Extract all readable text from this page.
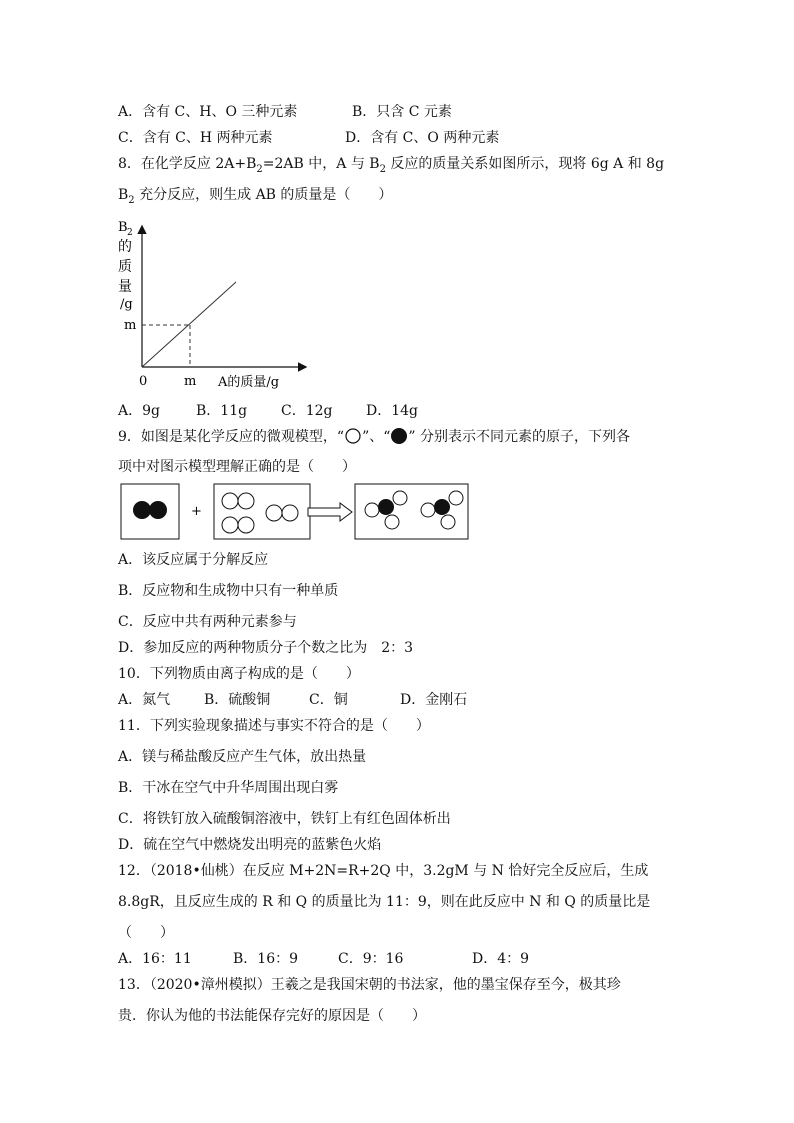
A．含有 C、H、O 三种元素	B．只含 C 元素
C．含有 C、H 两种元素	D．含有 C、O 两种元素
8．在化学反应 $2A+B_2=2AB$ 中，A 与 $B_2$ 反应的质量关系如图所示，现将 6g A 和 8g
$B_2$ 充分反应，则生成 AB 的质量是（　　）
B 2
的
质
量
/g
m
m
0	A的质量/g
A．9g	B．11g C．12g D．14g
9．如图是某化学反应的微观模型，“ ”、“ ” 分别表示不同元素的原子，下列各
项中对图示模型理解正确的是（　　）
+
A．该反应属于分解反应
B．反应物和生成物中只有一种单质
C．反应中共有两种元素参与
D．参加反应的两种物质分子个数之比为　2：3
10．下列物质由离子构成的是（　　）
A．氮气 B．硫酸铜	C．铜	D．金刚石
11．下列实验现象描述与事实不符合的是（　　）
A．镁与稀盐酸反应产生气体，放出热量
B．干冰在空气中升华周围出现白雾
C．将铁钉放入硫酸铜溶液中，铁钉上有红色固体析出
D．硫在空气中燃烧发出明亮的蓝紫色火焰
12．（2018•仙桃）在反应 M+2N=R+2Q 中，3.2gM 与 N 恰好完全反应后，生成
8.8gR，且反应生成的 R 和 Q 的质量比为 11：9，则在此反应中 N 和 Q 的质量比是
（　　）
A．16：11	B．16：9	C．9：16	D．4：9
13．（2020•漳州模拟）王羲之是我国宋朝的书法家，他的墨宝保存至今，极其珍
贵．你认为他的书法能保存完好的原因是（　　）
